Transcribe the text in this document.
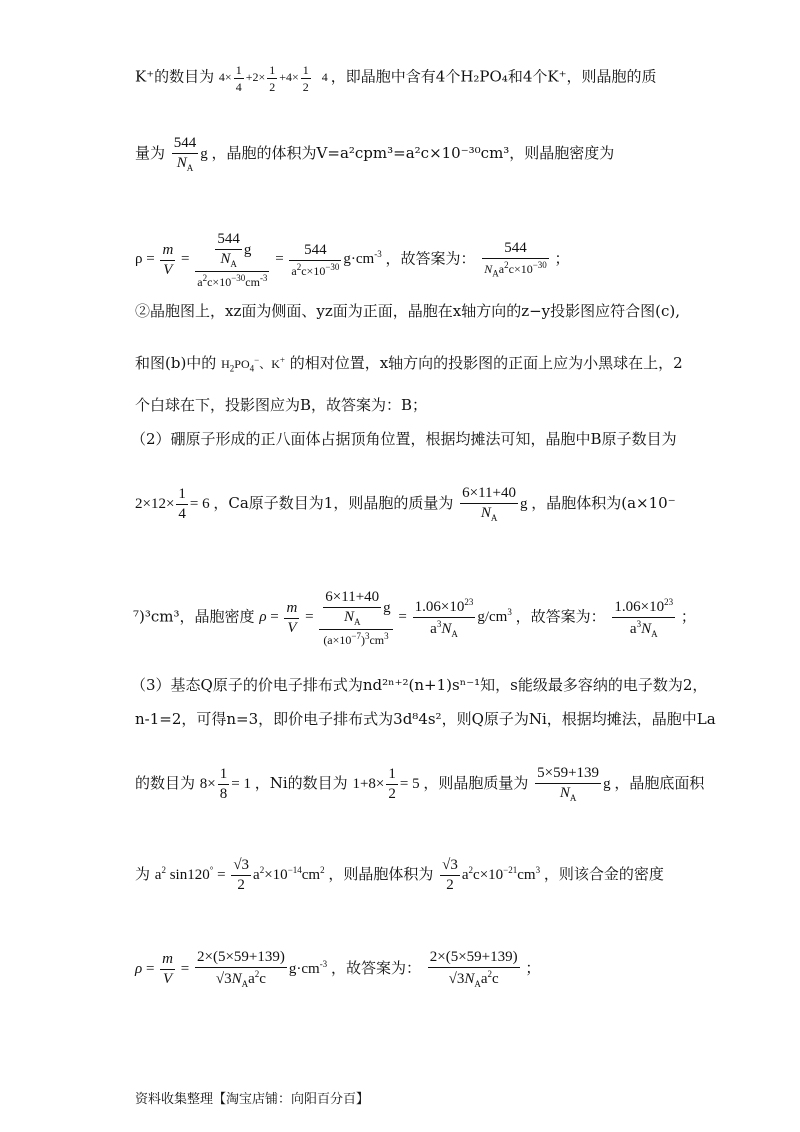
K⁺的数目为 $4\times \frac{1}{4} +2\times \frac{1}{2} +4\times \frac{1}{2} 4$ ，即晶胞中含有4个H₂PO₄和4个K⁺，则晶胞的质
量为 $\frac{544}{N_A}$ g ，晶胞的体积为V=a²cpm³=a²c×10⁻³⁰cm³，则晶胞密度为
$\rho = \frac{m}{V} = \frac{\frac{544}{N_A} g}{a^2c\times 10^{-30}cm^{-3}} = \frac{544}{a^2c\times 10^{-30}} g\cdot cm^{-3}$ ，故答案为： $\frac{544}{N_Aa^2c\times 10^{-30}}$ ；
②晶胞图上，xz面为侧面、yz面为正面，晶胞在x轴方向的z−y投影图应符合图(c),
和图(b)中的 $H_2PO_4^-$、K+ 的相对位置，x轴方向的投影图的正面上应为小黑球在上，2
个白球在下，投影图应为B，故答案为：B；
（2）硼原子形成的正八面体占据顶角位置，根据均摊法可知，晶胞中B原子数目为
$2\times 12\times \frac{1}{4} = 6$ ，Ca原子数目为1，则晶胞的质量为 $\frac{6\times 11+40}{N_A}$ g ，晶胞体积为(a×10⁻
⁷)³cm³，晶胞密度 $\rho = \frac{m}{V} = \frac{\frac{6\times 11+40}{N_A} g}{(a\times 10^{-7})^3cm^3} = \frac{1.06\times 10^{23}}{a^3N_A} g/cm^3$ ，故答案为： $\frac{1.06\times 10^{23}}{a^3N_A}$ ；
（3）基态Q原子的价电子排布式为nd²ⁿ⁺²(n+1)sⁿ⁻¹知，s能级最多容纳的电子数为2，
n-1=2，可得n=3，即价电子排布式为3d⁸4s²，则Q原子为Ni，根据均摊法，晶胞中La
的数目为 $8\times \frac{1}{8} = 1$ ，Ni的数目为 $1+8\times \frac{1}{2} = 5$ ，则晶胞质量为 $\frac{5\times 59+139}{N_A}$ g ，晶胞底面积
为 $a^2$ $\sin 120^\circ = \frac{√3}{2} a^2\times 10^{-14}cm^2$ ，则晶胞体积为 $\frac{√3}{2} a^2c\times 10^{-21}cm^3$ ，则该合金的密度
$\rho = \frac{m}{V} = \frac{2\times(5\times 59+139)}{√3N_Aa^2c} g\cdot cm^{-3}$ ，故答案为： $\frac{2\times(5\times 59+139)}{√3N_Aa^2c}$ ；
资料收集整理【淘宝店铺：向阳百分百】
